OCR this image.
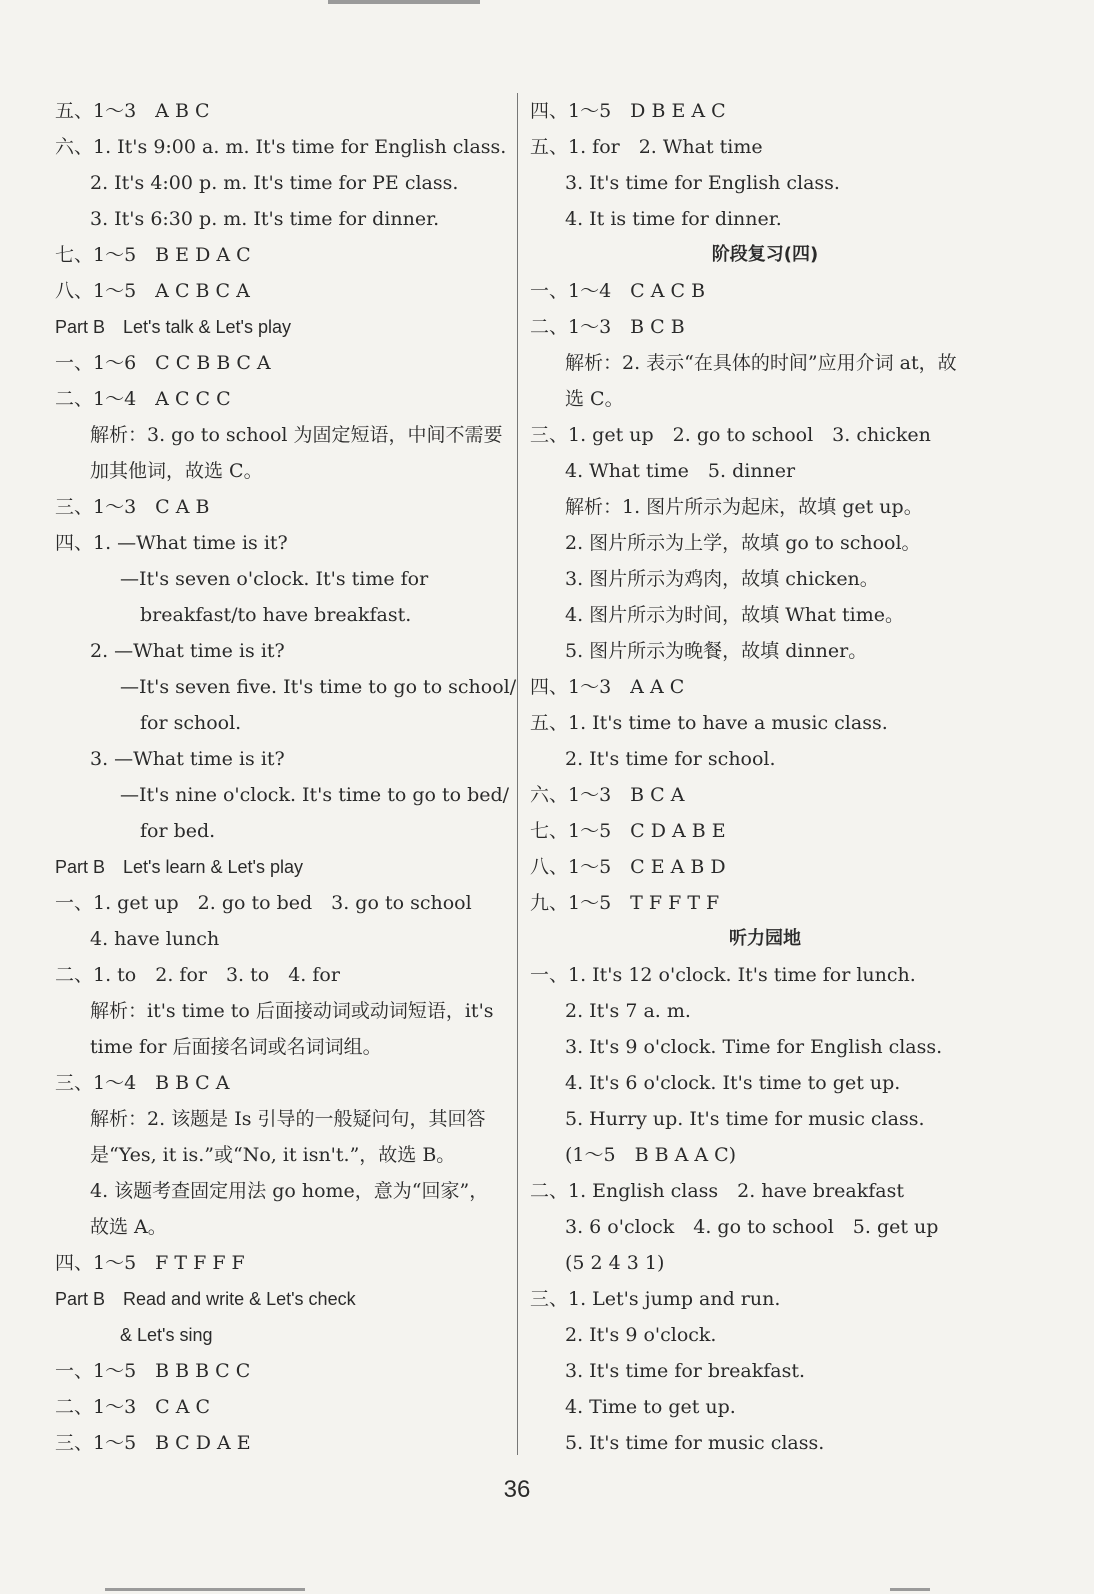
五、1～3　A B C
六、1. It's 9:00 a. m. It's time for English class.
2. It's 4:00 p. m. It's time for PE class.
3. It's 6:30 p. m. It's time for dinner.
七、1～5　B E D A C
八、1～5　A C B C A
Part B　Let's talk & Let's play
一、1～6　C C B B C A
二、1～4　A C C C
解析：3. go to school 为固定短语，中间不需要
加其他词，故选 C。
三、1～3　C A B
四、1. —What time is it?
—It's seven o'clock. It's time for
breakfast/to have breakfast.
2. —What time is it?
—It's seven five. It's time to go to school/
for school.
3. —What time is it?
—It's nine o'clock. It's time to go to bed/
for bed.
Part B　Let's learn & Let's play
一、1. get up　2. go to bed　3. go to school
4. have lunch
二、1. to　2. for　3. to　4. for
解析：it's time to 后面接动词或动词短语，it's
time for 后面接名词或名词词组。
三、1～4　B B C A
解析：2. 该题是 Is 引导的一般疑问句，其回答
是“Yes, it is.”或“No, it isn't.”，故选 B。
4. 该题考查固定用法 go home，意为“回家”，
故选 A。
四、1～5　F T F F F
Part B　Read and write & Let's check
& Let's sing
一、1～5　B B B C C
二、1～3　C A C
三、1～5　B C D A E
四、1～5　D B E A C
五、1. for　2. What time
3. It's time for English class.
4. It is time for dinner.
阶段复习(四)
一、1～4　C A C B
二、1～3　B C B
解析：2. 表示“在具体的时间”应用介词 at，故
选 C。
三、1. get up　2. go to school　3. chicken
4. What time　5. dinner
解析：1. 图片所示为起床，故填 get up。
2. 图片所示为上学，故填 go to school。
3. 图片所示为鸡肉，故填 chicken。
4. 图片所示为时间，故填 What time。
5. 图片所示为晚餐，故填 dinner。
四、1～3　A A C
五、1. It's time to have a music class.
2. It's time for school.
六、1～3　B C A
七、1～5　C D A B E
八、1～5　C E A B D
九、1～5　T F F T F
听力园地
一、1. It's 12 o'clock. It's time for lunch.
2. It's 7 a. m.
3. It's 9 o'clock. Time for English class.
4. It's 6 o'clock. It's time to get up.
5. Hurry up. It's time for music class.
(1～5　B B A A C)
二、1. English class　2. have breakfast
3. 6 o'clock　4. go to school　5. get up
(5 2 4 3 1)
三、1. Let's jump and run.
2. It's 9 o'clock.
3. It's time for breakfast.
4. Time to get up.
5. It's time for music class.
36
